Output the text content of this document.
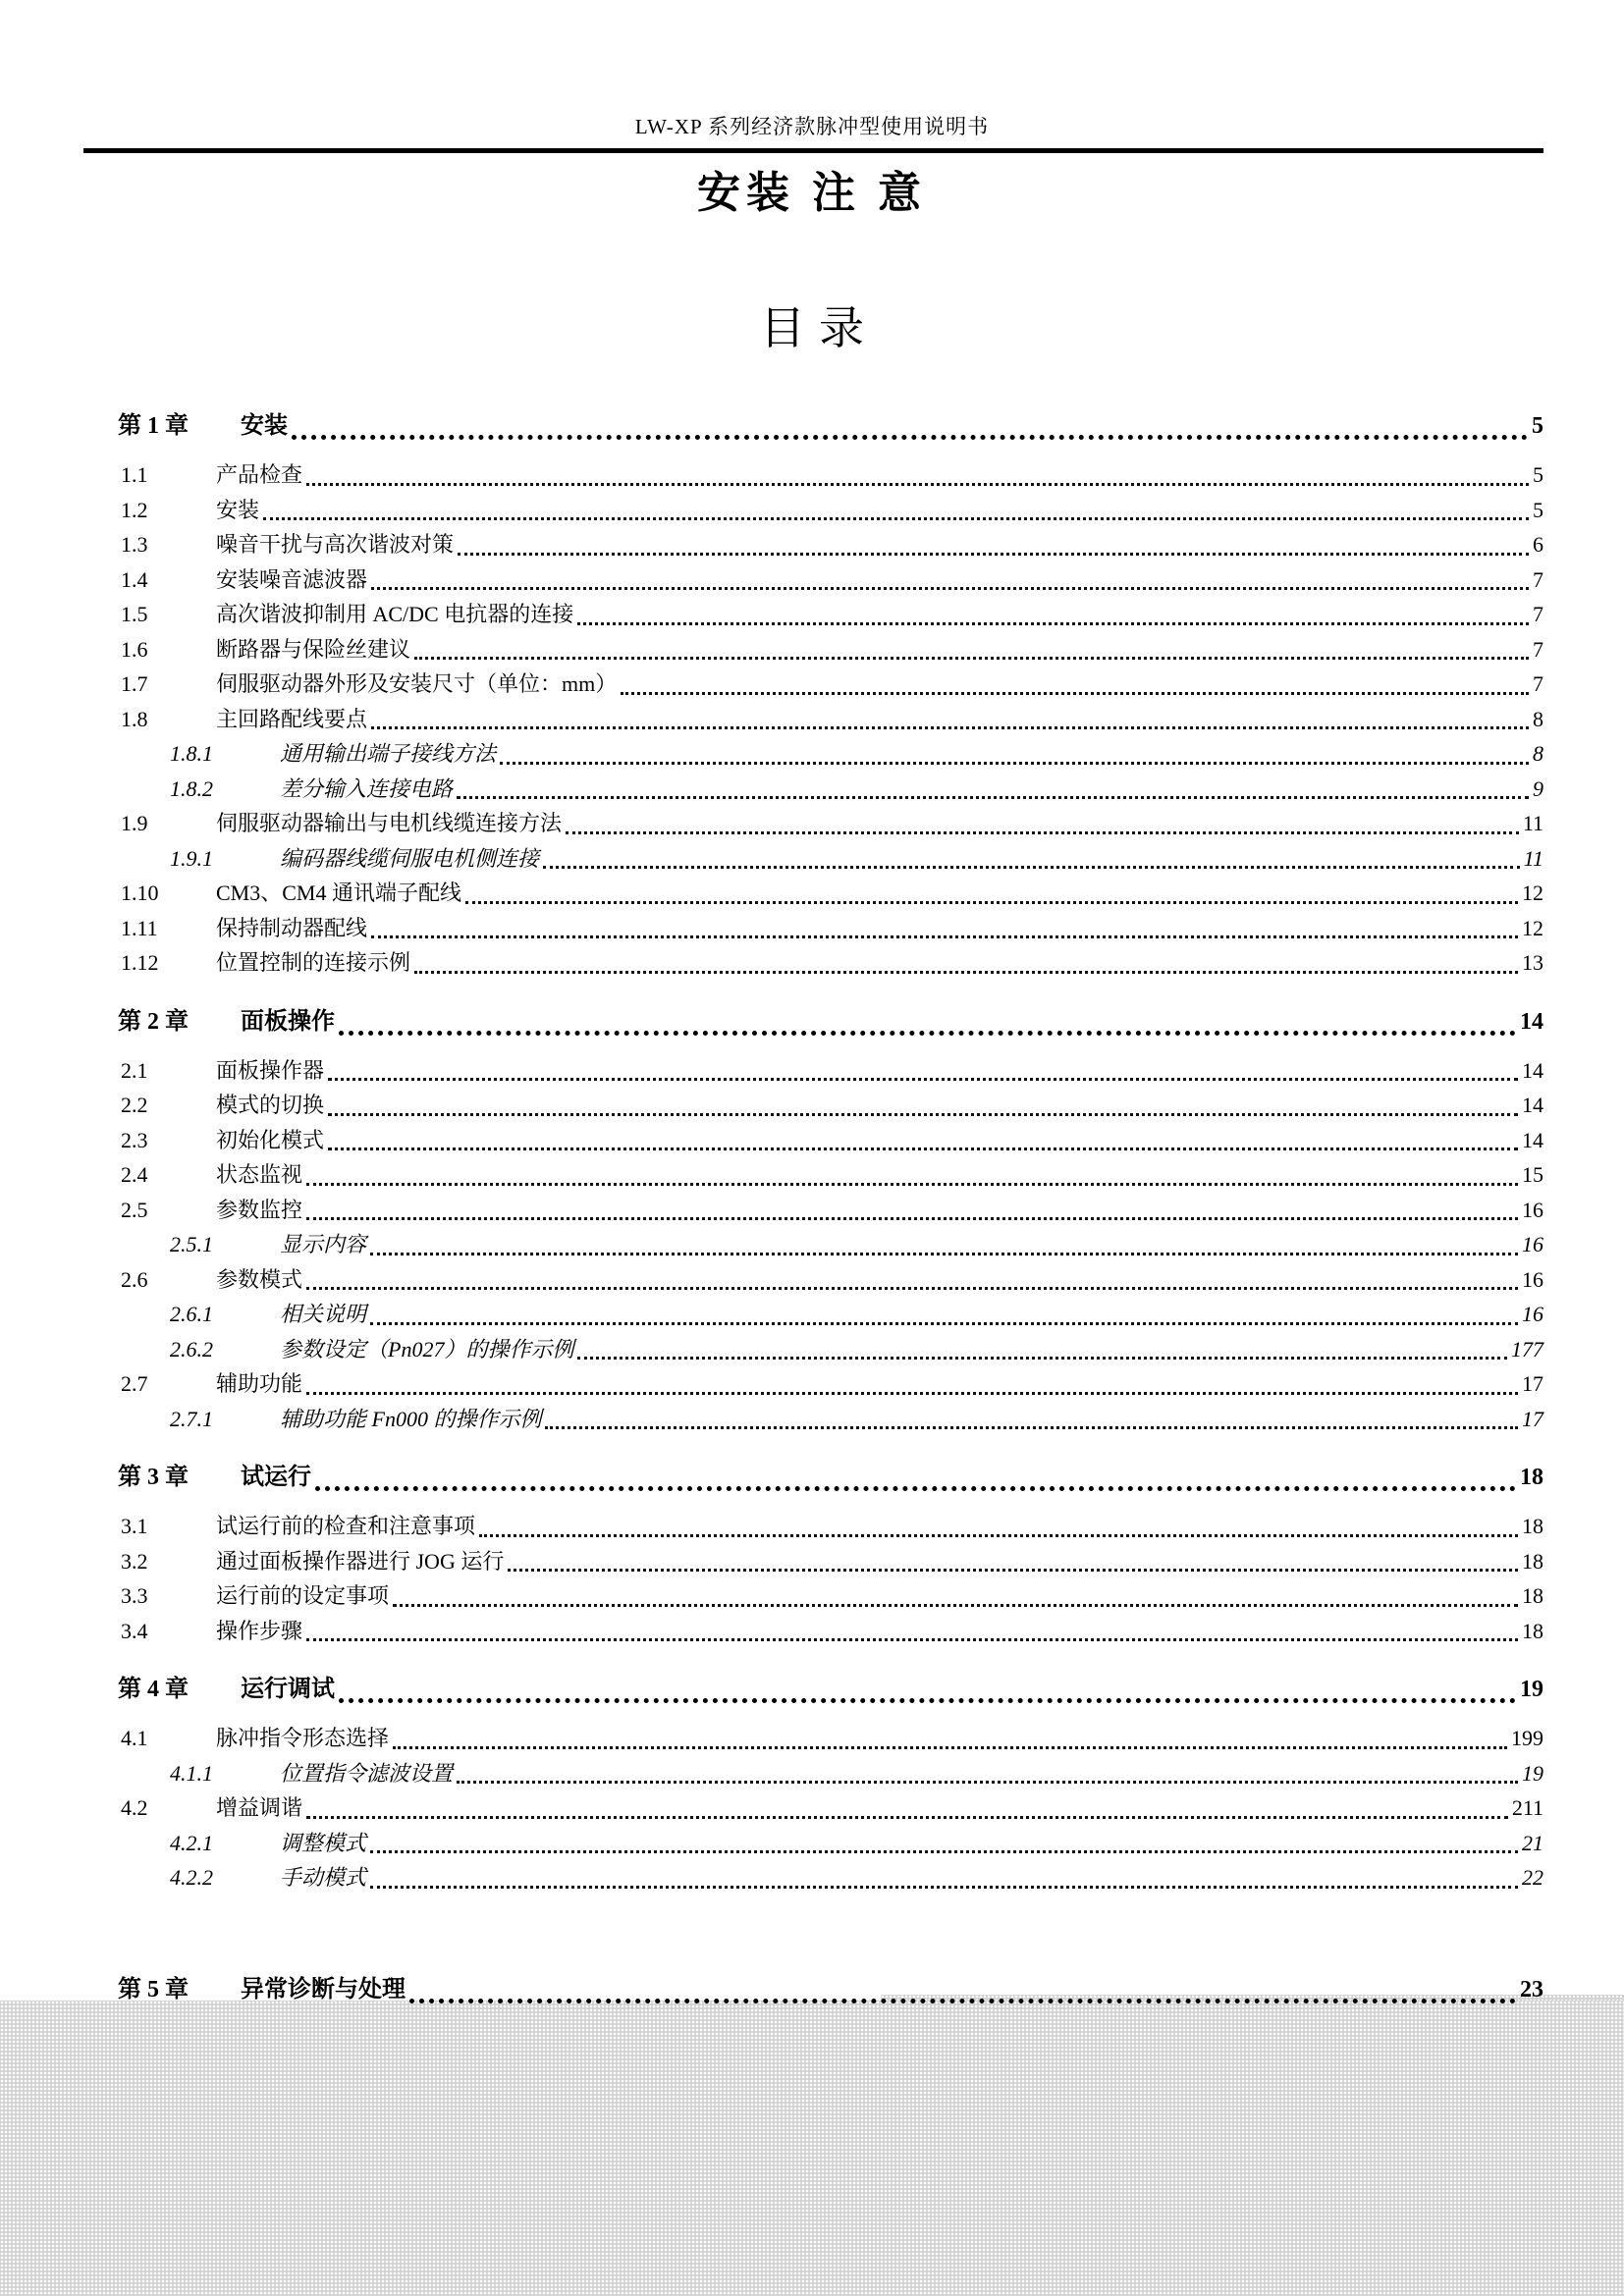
LW-XP 系列经济款脉冲型使用说明书
安装 注 意
目录
第 1 章	安装	5
1.1	产品检查	5
1.2	安装	5
1.3	噪音干扰与高次谐波对策	6
1.4	安装噪音滤波器	7
1.5	高次谐波抑制用 AC/DC 电抗器的连接	7
1.6	断路器与保险丝建议	7
1.7	伺服驱动器外形及安装尺寸（单位：mm）	7
1.8	主回路配线要点	8
1.8.1	通用输出端子接线方法	8
1.8.2	差分输入连接电路	9
1.9	伺服驱动器输出与电机线缆连接方法	11
1.9.1	编码器线缆伺服电机侧连接	11
1.10	CM3、CM4 通讯端子配线	12
1.11	保持制动器配线	12
1.12	位置控制的连接示例	13
第 2 章	面板操作	14
2.1	面板操作器	14
2.2	模式的切换	14
2.3	初始化模式	14
2.4	状态监视	15
2.5	参数监控	16
2.5.1	显示内容	16
2.6	参数模式	16
2.6.1	相关说明	16
2.6.2	参数设定（Pn027）的操作示例	177
2.7	辅助功能	17
2.7.1	辅助功能 Fn000 的操作示例	17
第 3 章	试运行	18
3.1	试运行前的检查和注意事项	18
3.2	通过面板操作器进行 JOG 运行	18
3.3	运行前的设定事项	18
3.4	操作步骤	18
第 4 章	运行调试	19
4.1	脉冲指令形态选择	199
4.1.1	位置指令滤波设置	19
4.2	增益调谐	211
4.2.1	调整模式	21
4.2.2	手动模式	22
第 5 章	异常诊断与处理	23
